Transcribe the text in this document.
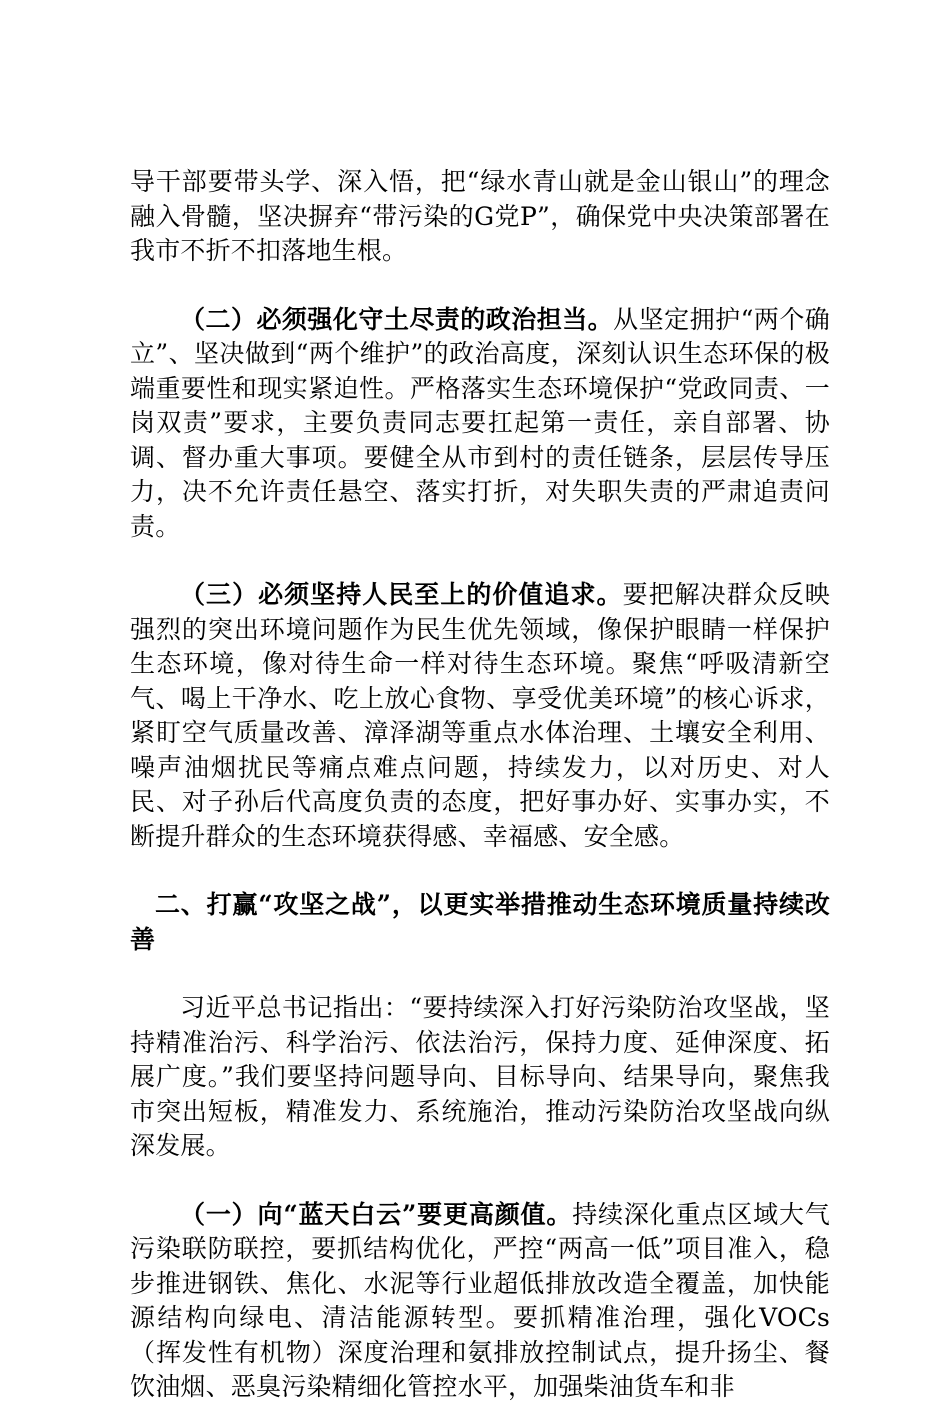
导干部要带头学、深入悟，把“绿水青山就是金山银山”的理念融入骨髓，坚决摒弃“带污染的G党P”，确保党中央决策部署在我市不折不扣落地生根。

（二）必须强化守土尽责的政治担当。从坚定拥护“两个确立”、坚决做到“两个维护”的政治高度，深刻认识生态环保的极端重要性和现实紧迫性。严格落实生态环境保护“党政同责、一岗双责”要求，主要负责同志要扛起第一责任，亲自部署、协调、督办重大事项。要健全从市到村的责任链条，层层传导压力，决不允许责任悬空、落实打折，对失职失责的严肃追责问责。

（三）必须坚持人民至上的价值追求。要把解决群众反映强烈的突出环境问题作为民生优先领域，像保护眼睛一样保护生态环境，像对待生命一样对待生态环境。聚焦“呼吸清新空气、喝上干净水、吃上放心食物、享受优美环境”的核心诉求，紧盯空气质量改善、漳泽湖等重点水体治理、土壤安全利用、噪声油烟扰民等痛点难点问题，持续发力，以对历史、对人民、对子孙后代高度负责的态度，把好事办好、实事办实，不断提升群众的生态环境获得感、幸福感、安全感。

二、打赢“攻坚之战”，以更实举措推动生态环境质量持续改善

习近平总书记指出：“要持续深入打好污染防治攻坚战，坚持精准治污、科学治污、依法治污，保持力度、延伸深度、拓展广度。”我们要坚持问题导向、目标导向、结果导向，聚焦我市突出短板，精准发力、系统施治，推动污染防治攻坚战向纵深发展。

（一）向“蓝天白云”要更高颜值。持续深化重点区域大气污染联防联控，要抓结构优化，严控“两高一低”项目准入，稳步推进钢铁、焦化、水泥等行业超低排放改造全覆盖，加快能源结构向绿电、清洁能源转型。要抓精准治理，强化VOCs（挥发性有机物）深度治理和氨排放控制试点，提升扬尘、餐饮油烟、恶臭污染精细化管控水平，加强柴油货车和非
